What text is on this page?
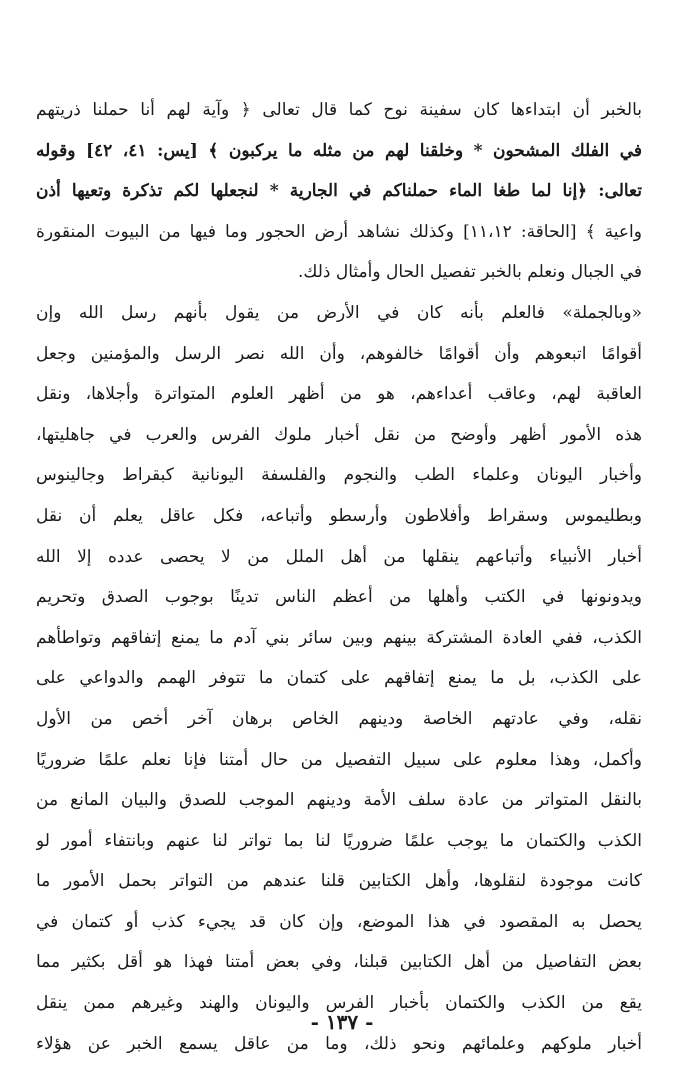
بالخبر أن ابتداءها كان سفينة نوح كما قال تعالى ﴿ وآية لهم أنا حملنا ذريتهم
في الفلك المشحون * وخلقنا لهم من مثله ما يركبون ﴾ [يس: ٤١، ٤٢] وقوله
تعالى: ﴿إنا لما طغا الماء حملناكم في الجارية * لنجعلها لكم تذكرة وتعيها أذن
واعية ﴾ [الحاقة: ١١،١٢] وكذلك نشاهد أرض الحجور وما فيها من البيوت المنقورة
في الجبال ونعلم بالخبر تفصيل الحال وأمثال ذلك.
«وبالجملة» فالعلم بأنه كان في الأرض من يقول بأنهم رسل الله وإن
أقوامًا اتبعوهم وأن أقوامًا خالفوهم، وأن الله نصر الرسل والمؤمنين وجعل
العاقبة لهم، وعاقب أعداءهم، هو من أظهر العلوم المتواترة وأجلاها، ونقل
هذه الأمور أظهر وأوضح من نقل أخبار ملوك الفرس والعرب في جاهليتها،
وأخبار اليونان وعلماء الطب والنجوم والفلسفة اليونانية كبقراط وجالينوس
وبطليموس وسقراط وأفلاطون وأرسطو وأتباعه، فكل عاقل يعلم أن نقل
أخبار الأنبياء وأتباعهم ينقلها من أهل الملل من لا يحصى عدده إلا الله
ويدونونها في الكتب وأهلها من أعظم الناس تدينًا بوجوب الصدق وتحريم
الكذب، ففي العادة المشتركة بينهم وبين سائر بني آدم ما يمنع إتفاقهم وتواطأهم
على الكذب، بل ما يمنع إتفاقهم على كتمان ما تتوفر الهمم والدواعي على
نقله، وفي عادتهم الخاصة ودينهم الخاص برهان آخر أخص من الأول
وأكمل، وهذا معلوم على سبيل التفصيل من حال أمتنا فإنا نعلم علمًا ضروريًا
بالنقل المتواتر من عادة سلف الأمة ودينهم الموجب للصدق والبيان المانع من
الكذب والكتمان ما يوجب علمًا ضروريًا لنا بما تواتر لنا عنهم وبانتفاء أمور لو
كانت موجودة لنقلوها، وأهل الكتابين قلنا عندهم من التواتر بحمل الأمور ما
يحصل به المقصود في هذا الموضع، وإن كان قد يجيء كذب أو كتمان في
بعض التفاصيل من أهل الكتابين قبلنا، وفي بعض أمتنا فهذا هو أقل بكثير مما
يقع من الكذب والكتمان بأخبار الفرس واليونان والهند وغيرهم ممن ينقل
أخبار ملوكهم وعلمائهم ونحو ذلك، وما من عاقل يسمع الخبر عن هؤلاء
- ١٣٧ -
